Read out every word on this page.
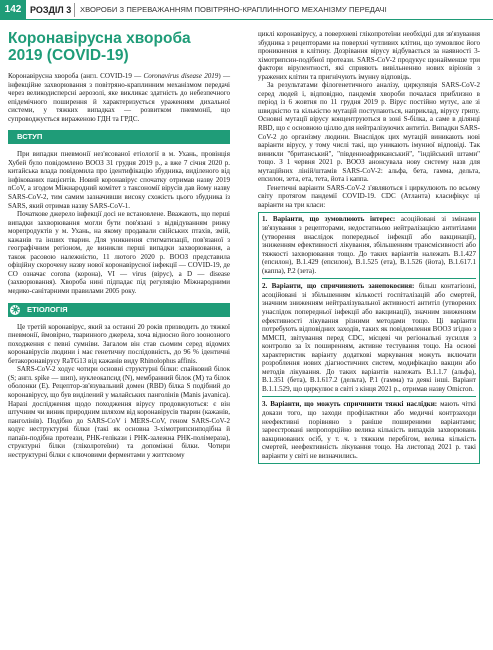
142 РОЗДІЛ 3 ХВОРОБИ З ПЕРЕВАЖАННЯМ ПОВІТРЯНО-КРАПЛИННОГО МЕХАНІЗМУ ПЕРЕДАЧІ
Коронавірусна хвороба
2019 (COVID-19)

Коронавірусна хвороба (англ. COVID-19 — Coronavirus disease 2019) — інфекційне захворювання з повітряно-краплинним механізмом передачі через великодисперсні аерозолі, яке викликає здатність до небезпечного епідемічного поширення й характеризується ураженням дихальної системи, у тяжких випадках — розвитком пневмонії, що супроводжується вираженою ГДН та ГРДС.

ВСТУП

При випадки пневмонії нез'ясованої етіології в м. Ухань, провінція Хубей було повідомлено ВООЗ 31 грудня 2019 р., а вже 7 січня 2020 р. китайська влада повідомила про ідентифікацію збудника, виділеного від інфікованих пацієнтів. Новий коронавірус спочатку отримав назву 2019 nCoV, а згодом Міжнародний комітет з таксономії вірусів дав йому назву SARS-CoV-2, тим самим зазначивши високу схожість цього збудника із SARS, який отримав назву SARS-CoV-1.

Початкове джерело інфекції досі не встановлене. Вважають, що перші випадки захворювання могли бути пов'язані з відвідуванням ринку морепродуктів у м. Ухань, на якому продавали свійських птахів, змій, кажанів та інших тварин. Для уникнення стигматизації, пов'язаної з географічним регіоном, де виникли перші випадки захворювання, а також расовою належністю, 11 лютого 2020 р. ВООЗ представила офіційну скорочену назву нової коронавірусної інфекції — COVID-19, де CO означає corona (корона), VI — virus (вірус), а D — disease (захворювання). Хвороба нині підпадає під регуляцію Міжнародними медико-санітарними правилами 2005 року.

ЕТІОЛОГІЯ

Це третій коронавірус, який за останні 20 років призводить до тяжкої пневмонії, ймовірно, тваринного джерела, хоча відносно його зоонозного походження є певні сумніви. Загалом він став сьомим серед відомих коронавірусів людини і має генетичну послідовність, до 96 % ідентичні бетакоронавірусу RaTG13 від кажанів виду Rhinolophus affinis.

SARS-CoV-2 ходує чотири основні структурні білки: спайковий білок (S; англ. spike — шип), нуклеокапсид (N), мембранний білок (M) та білок оболонки (E). Рецептор-зв'язувальний домен (RBD) білка S подібний до коронавірусу, що був виділений у малайських панголінів (Manis javanica). Наразі дослідження щодо походження вірусу продовжуються: є він штучним чи виник природним шляхом від коронавірусів тварин (кажанів, панголінів). Подібно до SARS-CoV і MERS-CoV, геном SARS-CoV-2 кодує неструктурні білки (такі як основна 3-хімотрипсинподібна й папаїн-подібна протеази, РНК-гелікази і РНК-залежна РНК-полімераза), структурні білки (гліколротеїни) та допоміжні білки. Чотири неструктурні білки є ключовими ферментами у життєвому

циклі коронавірусу, а поверхневі глікопротеїни необхідні для зв'язування збудника з рецепторами на поверхні чутливих клітин, що зумовлює його проникнення в клітину. Дозрівання вірусу відбувається за наявності 3-хімотрипсин-подібної протеази. SARS-CoV-2 продукує щонайменше три фактори вірулентності, які сприяють вивільненню нових віріонів з уражених клітин та пригнічують імунну відповідь.

За результатами філогенетичного аналізу, циркуляція SARS-CoV-2 серед людей і, відповідно, пандемія хвороби почалася приблизно в період із 6 жовтня по 11 грудня 2019 р. Вірус постійно мутує, але зі швидкістю та кількістю мутацій поступаються, наприклад, вірусу грипу. Основні мутації вірусу концентруються в зоні S-білка, а саме в ділянці RBD, що є основною ціллю для нейтралізуючих антитіл. Випадки SARS-CoV-2 до організму людини. Внаслідок цих мутацій виникають нові варіанти вірусу, у тому числі такі, що уникають імунної відповіді. Так виникли "британський", "південноафриканський", "індійський штами" тощо. З 1 червня 2021 р. ВООЗ анонсувала нову систему назв для мутаційних ліній/штамів SARS-CoV-2: альфа, бета, гамма, дельта, епсилон, зета, ета, тета, йота і каппа.

Генетичні варіанти SARS-CoV-2 з'являються і циркулюють по всьому світу протягом пандемії COVID-19. CDC (Атланта) класифікує ці варіанти на три класи:

1. Варіанти, що зумовлюють інтерес: асоційовані зі змінами зв'язування з рецепторами, недостатньою нейтралізацією антитілами (утворення внаслідок попередньої інфекції або вакцинації), зниженням ефективності лікування, збільшенням трансмісивності або тяжкості захворювання тощо. До таких варіантів належать B.1.427 (епсилон), B.1.429 (епсилон), B.1.525 (ета), B.1.526 (йота), B.1.617.1 (каппа), P.2 (зета).

2. Варіанти, що спричиняють занепокоєння: більш контагіозні, асоційовані зі збільшенням кількості госпіталізацій або смертей, значним зниженням нейтралізувальної активності антитіл (утворених унаслідок попередньої інфекції або вакцинації), значним зниженням ефективності лікування різними методами тощо. Ці варіанти потребують відповідних заходів, таких як повідомлення ВООЗ згідно з ММСП, звітування перед CDC, місцеві чи регіональні зусилля з контролю за їх поширенням, активне тестування тощо. На основі характеристик варіанту додаткові маркування можуть включати розроблення нових діагностичних систем, модифікацію вакцин або методів лікування. До таких варіантів належать B.1.1.7 (альфа), B.1.351 (бета), B.1.617.2 (дельта), P.1 (гамма) та деякі інші. Варіант B.1.1.529, що циркулює в світі з кінця 2021 р., отримав назву Omicron.

3. Варіанти, що можуть спричинити тяжкі наслідки: мають чіткі докази того, що заходи профілактики або медичні контрзаходи неефективні порівняно з раніше поширеними варіантами; зареєстровані непропорційно велика кількість випадків захворювань вакцинованих осіб, у т. ч. з тяжким перебігом, велика кількість смертей, неефективність лікування тощо. На листопад 2021 р. такі варіанти у світі не визначились.
